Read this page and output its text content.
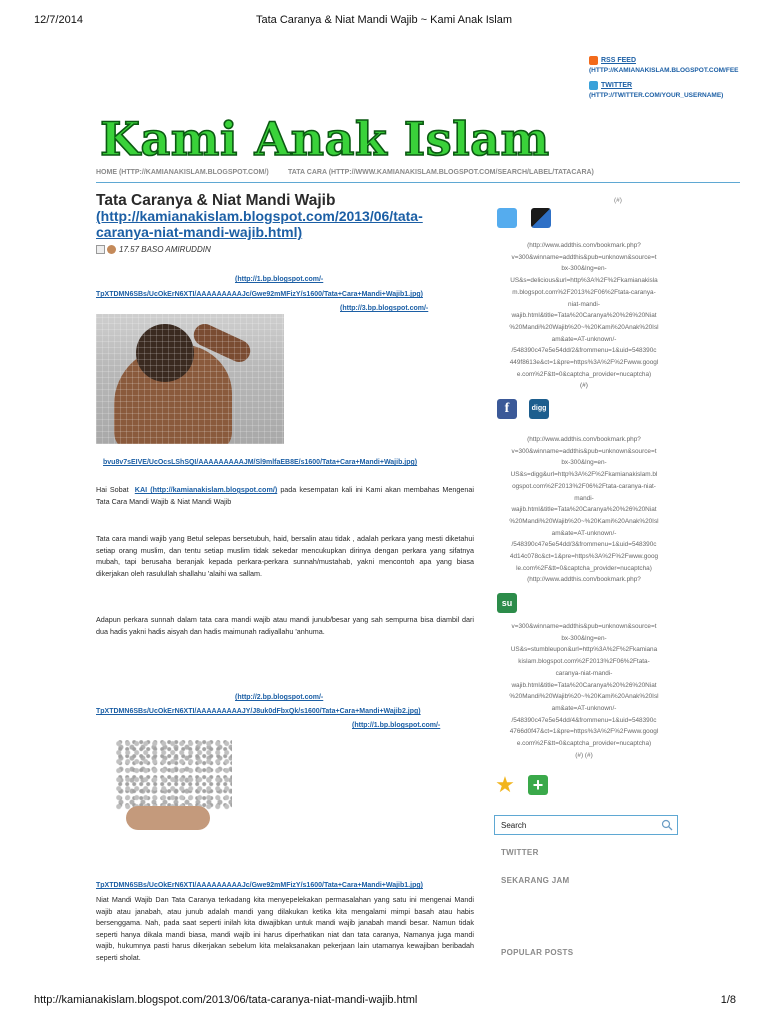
12/7/2014	Tata Caranya & Niat Mandi Wajib ~ Kami Anak Islam
RSS FEED
(HTTP://KAMIANAKISLAM.BLOGSPOT.COM/FEE
TWITTER
(HTTP://TWITTER.COM/YOUR_USERNAME)
Kami Anak Islam
HOME (HTTP://KAMIANAKISLAM.BLOGSPOT.COM/)	TATA CARA (HTTP://WWW.KAMIANAKISLAM.BLOGSPOT.COM/SEARCH/LABEL/TATACARA)
Tata Caranya & Niat Mandi Wajib
(http://kamianakislam.blogspot.com/2013/06/tata-caranya-niat-mandi-wajib.html)
17.57 BASO AMIRUDDIN
(http://1.bp.blogspot.com/-
TpXTDMN6SBs/UcOkErN6XTI/AAAAAAAAAJc/Gwe92mMFizY/s1600/Tata+Cara+Mandi+Wajib1.jpg)
(http://3.bp.blogspot.com/-
bvu8v7sEIVE/UcOcsLShSQI/AAAAAAAAAJM/Sl9mlfaEB8E/s1600/Tata+Cara+Mandi+Wajib.jpg)
Hai Sobat KAI (http://kamianakislam.blogspot.com/) pada kesempatan kali ini Kami akan membahas Mengenai Tata Cara Mandi Wajib & Niat Mandi Wajib
Tata cara mandi wajib yang Betul selepas bersetubuh, haid, bersalin atau tidak , adalah perkara yang mesti diketahui setiap orang muslim, dan tentu setiap muslim tidak sekedar mencukupkan dirinya dengan perkara yang sifatnya mubah, tapi berusaha beranjak kepada perkara-perkara sunnah/mustahab, yakni mencontoh apa yang biasa dikerjakan oleh rasulullah shallahu 'alaihi wa sallam.
Adapun perkara sunnah dalam tata cara mandi wajib atau mandi junub/besar yang sah sempurna bisa diambil dari dua hadis yakni hadis aisyah dan hadis maimunah radiyallahu 'anhuma.
(http://2.bp.blogspot.com/-
TpXTDMN6SBs/UcOkErN6XTI/AAAAAAAAAJY/J8uk0dFbxQk/s1600/Tata+Cara+Mandi+Wajib2.jpg)
(http://1.bp.blogspot.com/-
TpXTDMN6SBs/UcOkErN6XTI/AAAAAAAAAJc/Gwe92mMFizY/s1600/Tata+Cara+Mandi+Wajib1.jpg)
Niat Mandi Wajib Dan Tata Caranya terkadang kita menyepelekakan permasalahan yang satu ini mengenai Mandi wajib atau janabah, atau junub adalah mandi yang dilakukan ketika kita mengalami mimpi basah atau habis bersenggama. Nah, pada saat seperti inilah kita diwajibkan untuk mandi wajib janabah mandi besar. Namun tidak seperti hanya dikala mandi biasa, mandi wajib ini harus diperhatikan niat dan tata caranya, Namanya juga mandi wajib, hukumnya pasti harus dikerjakan sebelum kita melaksanakan pekerjaan lain utamanya kewajiban beribadah seperti sholat.
(#)
(http://www.addthis.com/bookmark.php?
v=300&winname=addthis&pub=unknown&source=t
bx-300&lng=en-
US&s=delicious&url=http%3A%2F%2Fkamianakisla
m.blogspot.com%2F2013%2F06%2Ftata-caranya-
niat-mandi-
wajib.html&title=Tata%20Caranya%20%26%20Niat
%20Mandi%20Wajib%20~%20Kami%20Anak%20Isl
am&ate=AT-unknown/-
/548390c47e5e54dd/2&frommenu=1&uid=548390c
449f8613e&ct=1&pre=https%3A%2F%2Fwww.googl
e.com%2F&tt=0&captcha_provider=nucaptcha)
(#)
f	digg
(http://www.addthis.com/bookmark.php?
v=300&winname=addthis&pub=unknown&source=t
bx-300&lng=en-
US&s=digg&url=http%3A%2F%2Fkamianakislam.bl
ogspot.com%2F2013%2F06%2Ftata-caranya-niat-
mandi-
wajib.html&title=Tata%20Caranya%20%26%20Niat
%20Mandi%20Wajib%20~%20Kami%20Anak%20Isl
am&ate=AT-unknown/-
/548390c47e5e54dd/3&frommenu=1&uid=548390c
4d14c078c&ct=1&pre=https%3A%2F%2Fwww.goog
le.com%2F&tt=0&captcha_provider=nucaptcha)
(http://www.addthis.com/bookmark.php?
su
v=300&winname=addthis&pub=unknown&source=t
bx-300&lng=en-
US&s=stumbleupon&url=http%3A%2F%2Fkamiana
kislam.blogspot.com%2F2013%2F06%2Ftata-
caranya-niat-mandi-
wajib.html&title=Tata%20Caranya%20%26%20Niat
%20Mandi%20Wajib%20~%20Kami%20Anak%20Isl
am&ate=AT-unknown/-
/548390c47e5e54dd/4&frommenu=1&uid=548390c
4766d0f47&ct=1&pre=https%3A%2F%2Fwww.googl
e.com%2F&tt=0&captcha_provider=nucaptcha)
(#) (#)
★ +
Search
TWITTER
SEKARANG JAM
POPULAR POSTS
http://kamianakislam.blogspot.com/2013/06/tata-caranya-niat-mandi-wajib.html	1/8
